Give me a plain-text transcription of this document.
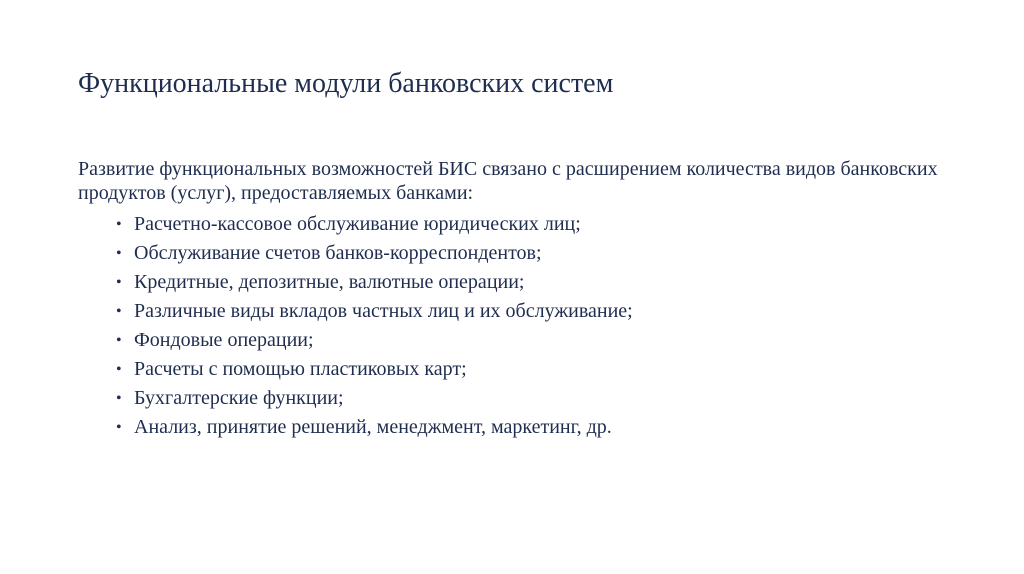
Функциональные модули банковских систем

Развитие функциональных возможностей БИС связано с расширением количества видов банковских продуктов (услуг), предоставляемых банками:

• Расчетно-кассовое обслуживание юридических лиц;
• Обслуживание счетов банков-корреспондентов;
• Кредитные, депозитные, валютные операции;
• Различные виды вкладов частных лиц и их обслуживание;
• Фондовые операции;
• Расчеты с помощью пластиковых карт;
• Бухгалтерские функции;
• Анализ, принятие решений, менеджмент, маркетинг, др.
